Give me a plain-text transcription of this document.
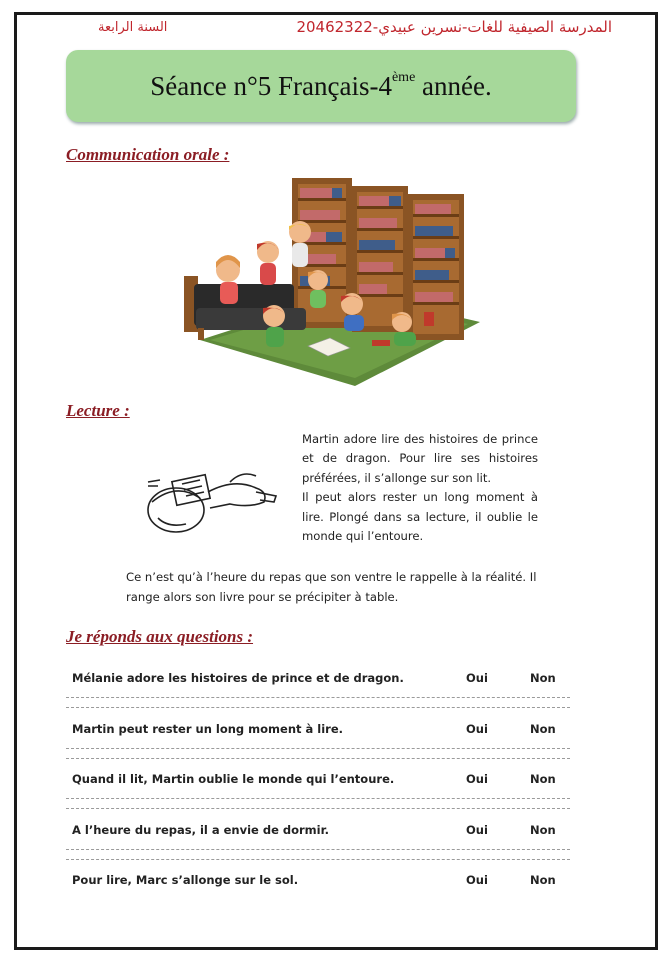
المدرسة الصيفية للغات-نسرين عبيدي-20462322
السنة الرابعة
Séance n°5 Français-4ème année.
Communication orale :
Lecture :

Martin adore lire des histoires de prince et de dragon. Pour lire ses histoires préférées, il s’allonge sur son lit.

Il peut alors rester un long moment à lire. Plongé dans sa lecture, il oublie le monde qui l’entoure.

Ce n’est qu’à l’heure du repas que son ventre le rappelle à la réalité. Il range alors son livre pour se précipiter à table.
Je réponds aux questions :
Mélanie adore les histoires de prince et de dragon.	Oui	Non
Martin peut rester un long moment à lire.	Oui	Non
Quand il lit, Martin oublie le monde qui l’entoure.	Oui	Non
A l’heure du repas, il a envie de dormir.	Oui	Non
Pour lire, Marc s’allonge sur le sol.	Oui	Non
